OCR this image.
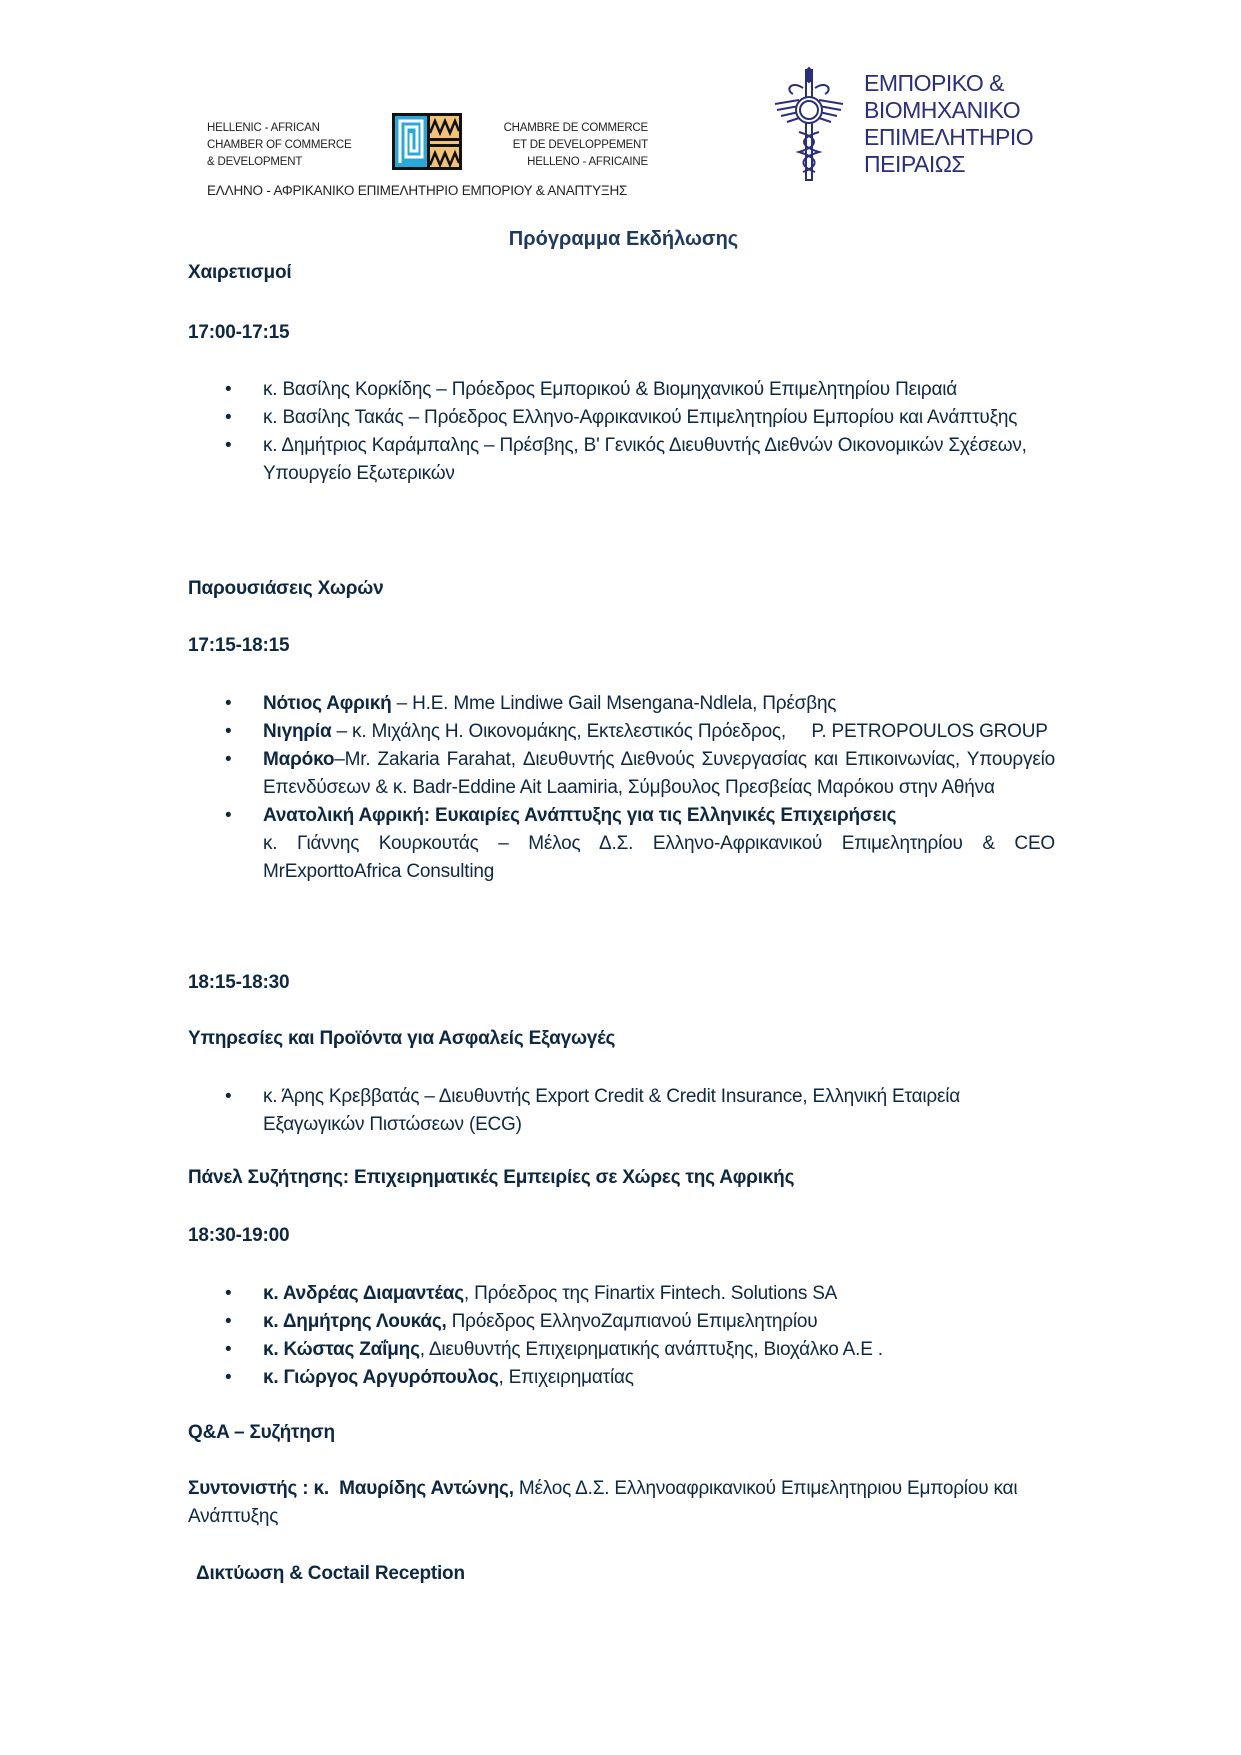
HELLENIC - AFRICAN
CHAMBER OF COMMERCE
& DEVELOPMENT
CHAMBRE DE COMMERCE
ET DE DEVELOPPEMENT
HELLENO - AFRICAINE
ΕΛΛΗΝΟ - ΑΦΡΙΚΑΝΙΚΟ ΕΠΙΜΕΛΗΤΗΡΙΟ ΕΜΠΟΡΙΟΥ & ΑΝΑΠΤΥΞΗΣ
ΕΜΠΟΡΙΚΟ &
ΒΙΟΜΗΧΑΝΙΚΟ
ΕΠΙΜΕΛΗΤΗΡΙΟ
ΠΕΙΡΑΙΩΣ
Πρόγραμμα Εκδήλωσης
Χαιρετισμοί
17:00-17:15
• κ. Βασίλης Κορκίδης – Πρόεδρος Εμπορικού & Βιομηχανικού Επιμελητηρίου Πειραιά
• κ. Βασίλης Τακάς – Πρόεδρος Ελληνο-Αφρικανικού Επιμελητηρίου Εμπορίου και Ανάπτυξης
• κ. Δημήτριος Καράμπαλης – Πρέσβης, Β' Γενικός Διευθυντής Διεθνών Οικονομικών Σχέσεων, Υπουργείο Εξωτερικών
Παρουσιάσεις Χωρών
17:15-18:15
• Νότιος Αφρική – H.E. Mme Lindiwe Gail Msengana-Ndlela, Πρέσβης
• Νιγηρία – κ. Μιχάλης Η. Οικονομάκης, Εκτελεστικός Πρόεδρος,     P. PETROPOULOS GROUP
• Μαρόκο–Mr. Zakaria Farahat, Διευθυντής Διεθνούς Συνεργασίας και Επικοινωνίας, Υπουργείο Επενδύσεων & κ. Badr-Eddine Ait Laamiria, Σύμβουλος Πρεσβείας Μαρόκου στην Αθήνα
• Ανατολική Αφρική: Ευκαιρίες Ανάπτυξης για τις Ελληνικές Επιχειρήσεις
κ. Γιάννης Κουρκουτάς – Μέλος Δ.Σ. Ελληνο-Αφρικανικού Επιμελητηρίου & CEO MrExporttoAfrica Consulting
18:15-18:30
Υπηρεσίες και Προϊόντα για Ασφαλείς Εξαγωγές
• κ. Άρης Κρεββατάς – Διευθυντής Export Credit & Credit Insurance, Ελληνική Εταιρεία Εξαγωγικών Πιστώσεων (ECG)
Πάνελ Συζήτησης: Επιχειρηματικές Εμπειρίες σε Χώρες της Αφρικής
18:30-19:00
• κ. Ανδρέας Διαμαντέας, Πρόεδρος της Finartix Fintech. Solutions SA
• κ. Δημήτρης Λουκάς, Πρόεδρος ΕλληνοΖαμπιανού Επιμελητηρίου
• κ. Κώστας Ζαΐμης, Διευθυντής Επιχειρηματικής ανάπτυξης, Βιοχάλκο Α.Ε .
• κ. Γιώργος Αργυρόπουλος, Επιχειρηματίας
Q&A – Συζήτηση
Συντονιστής : κ.  Μαυρίδης Αντώνης, Μέλος Δ.Σ. Ελληνοαφρικανικού Επιμελητηριου Εμπορίου και Ανάπτυξης
Δικτύωση & Coctail Reception
